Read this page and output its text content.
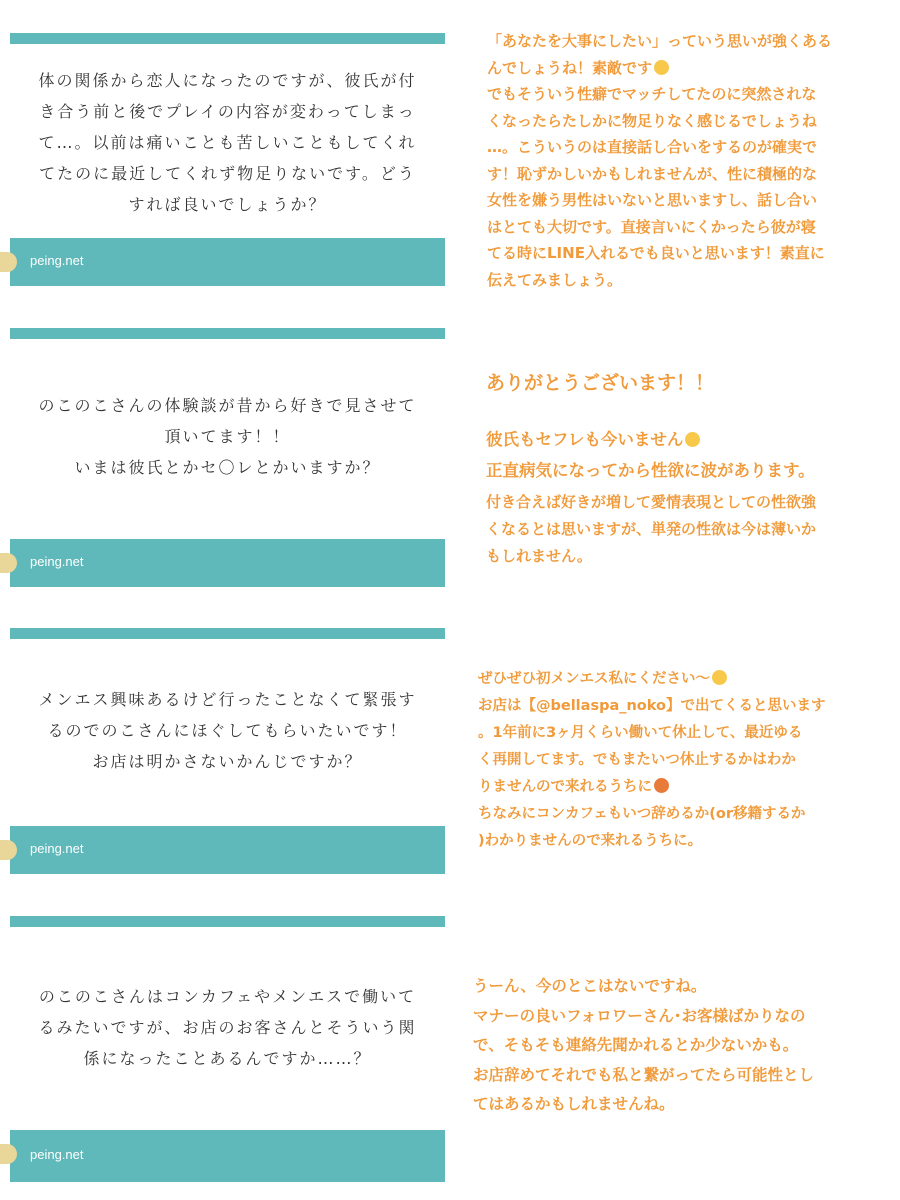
体の関係から恋人になったのですが、彼氏が付
き合う前と後でプレイの内容が変わってしまっ
て…。以前は痛いことも苦しいこともしてくれ
てたのに最近してくれず物足りないです。どう
すれば良いでしょうか？
peing.net

「あなたを大事にしたい」っていう思いが強くある

んでしょうね！素敵です

でもそういう性癖でマッチしてたのに突然されな

くなったらたしかに物足りなく感じるでしょうね

…。こういうのは直接話し合いをするのが確実で

す！恥ずかしいかもしれませんが、性に積極的な

女性を嫌う男性はいないと思いますし、話し合い

はとても大切です。直接言いにくかったら彼が寝

てる時にLINE入れるでも良いと思います！素直に

伝えてみましょう。

のこのこさんの体験談が昔から好きで見させて
頂いてます！！
いまは彼氏とかセ〇レとかいますか？
peing.net

ありがとうございます！！

彼氏もセフレも今いません

正直病気になってから性欲に波があります。

付き合えば好きが増して愛情表現としての性欲強

くなるとは思いますが、単発の性欲は今は薄いか

もしれません。

メンエス興味あるけど行ったことなくて緊張す
るのでのこさんにほぐしてもらいたいです！
お店は明かさないかんじですか？
peing.net

ぜひぜひ初メンエス私にください〜

お店は【@bellaspa_noko】で出てくると思います

。1年前に3ヶ月くらい働いて休止して、最近ゆる

く再開してます。でもまたいつ休止するかはわか

りませんので来れるうちに

ちなみにコンカフェもいつ辞めるか(or移籍するか

)わかりませんので来れるうちに。

のこのこさんはコンカフェやメンエスで働いて
るみたいですが、お店のお客さんとそういう関
係になったことあるんですか……？
peing.net

うーん、今のとこはないですね。

マナーの良いフォロワーさん･お客様ばかりなの

で、そもそも連絡先聞かれるとか少ないかも。

お店辞めてそれでも私と繋がってたら可能性とし

てはあるかもしれませんね。
